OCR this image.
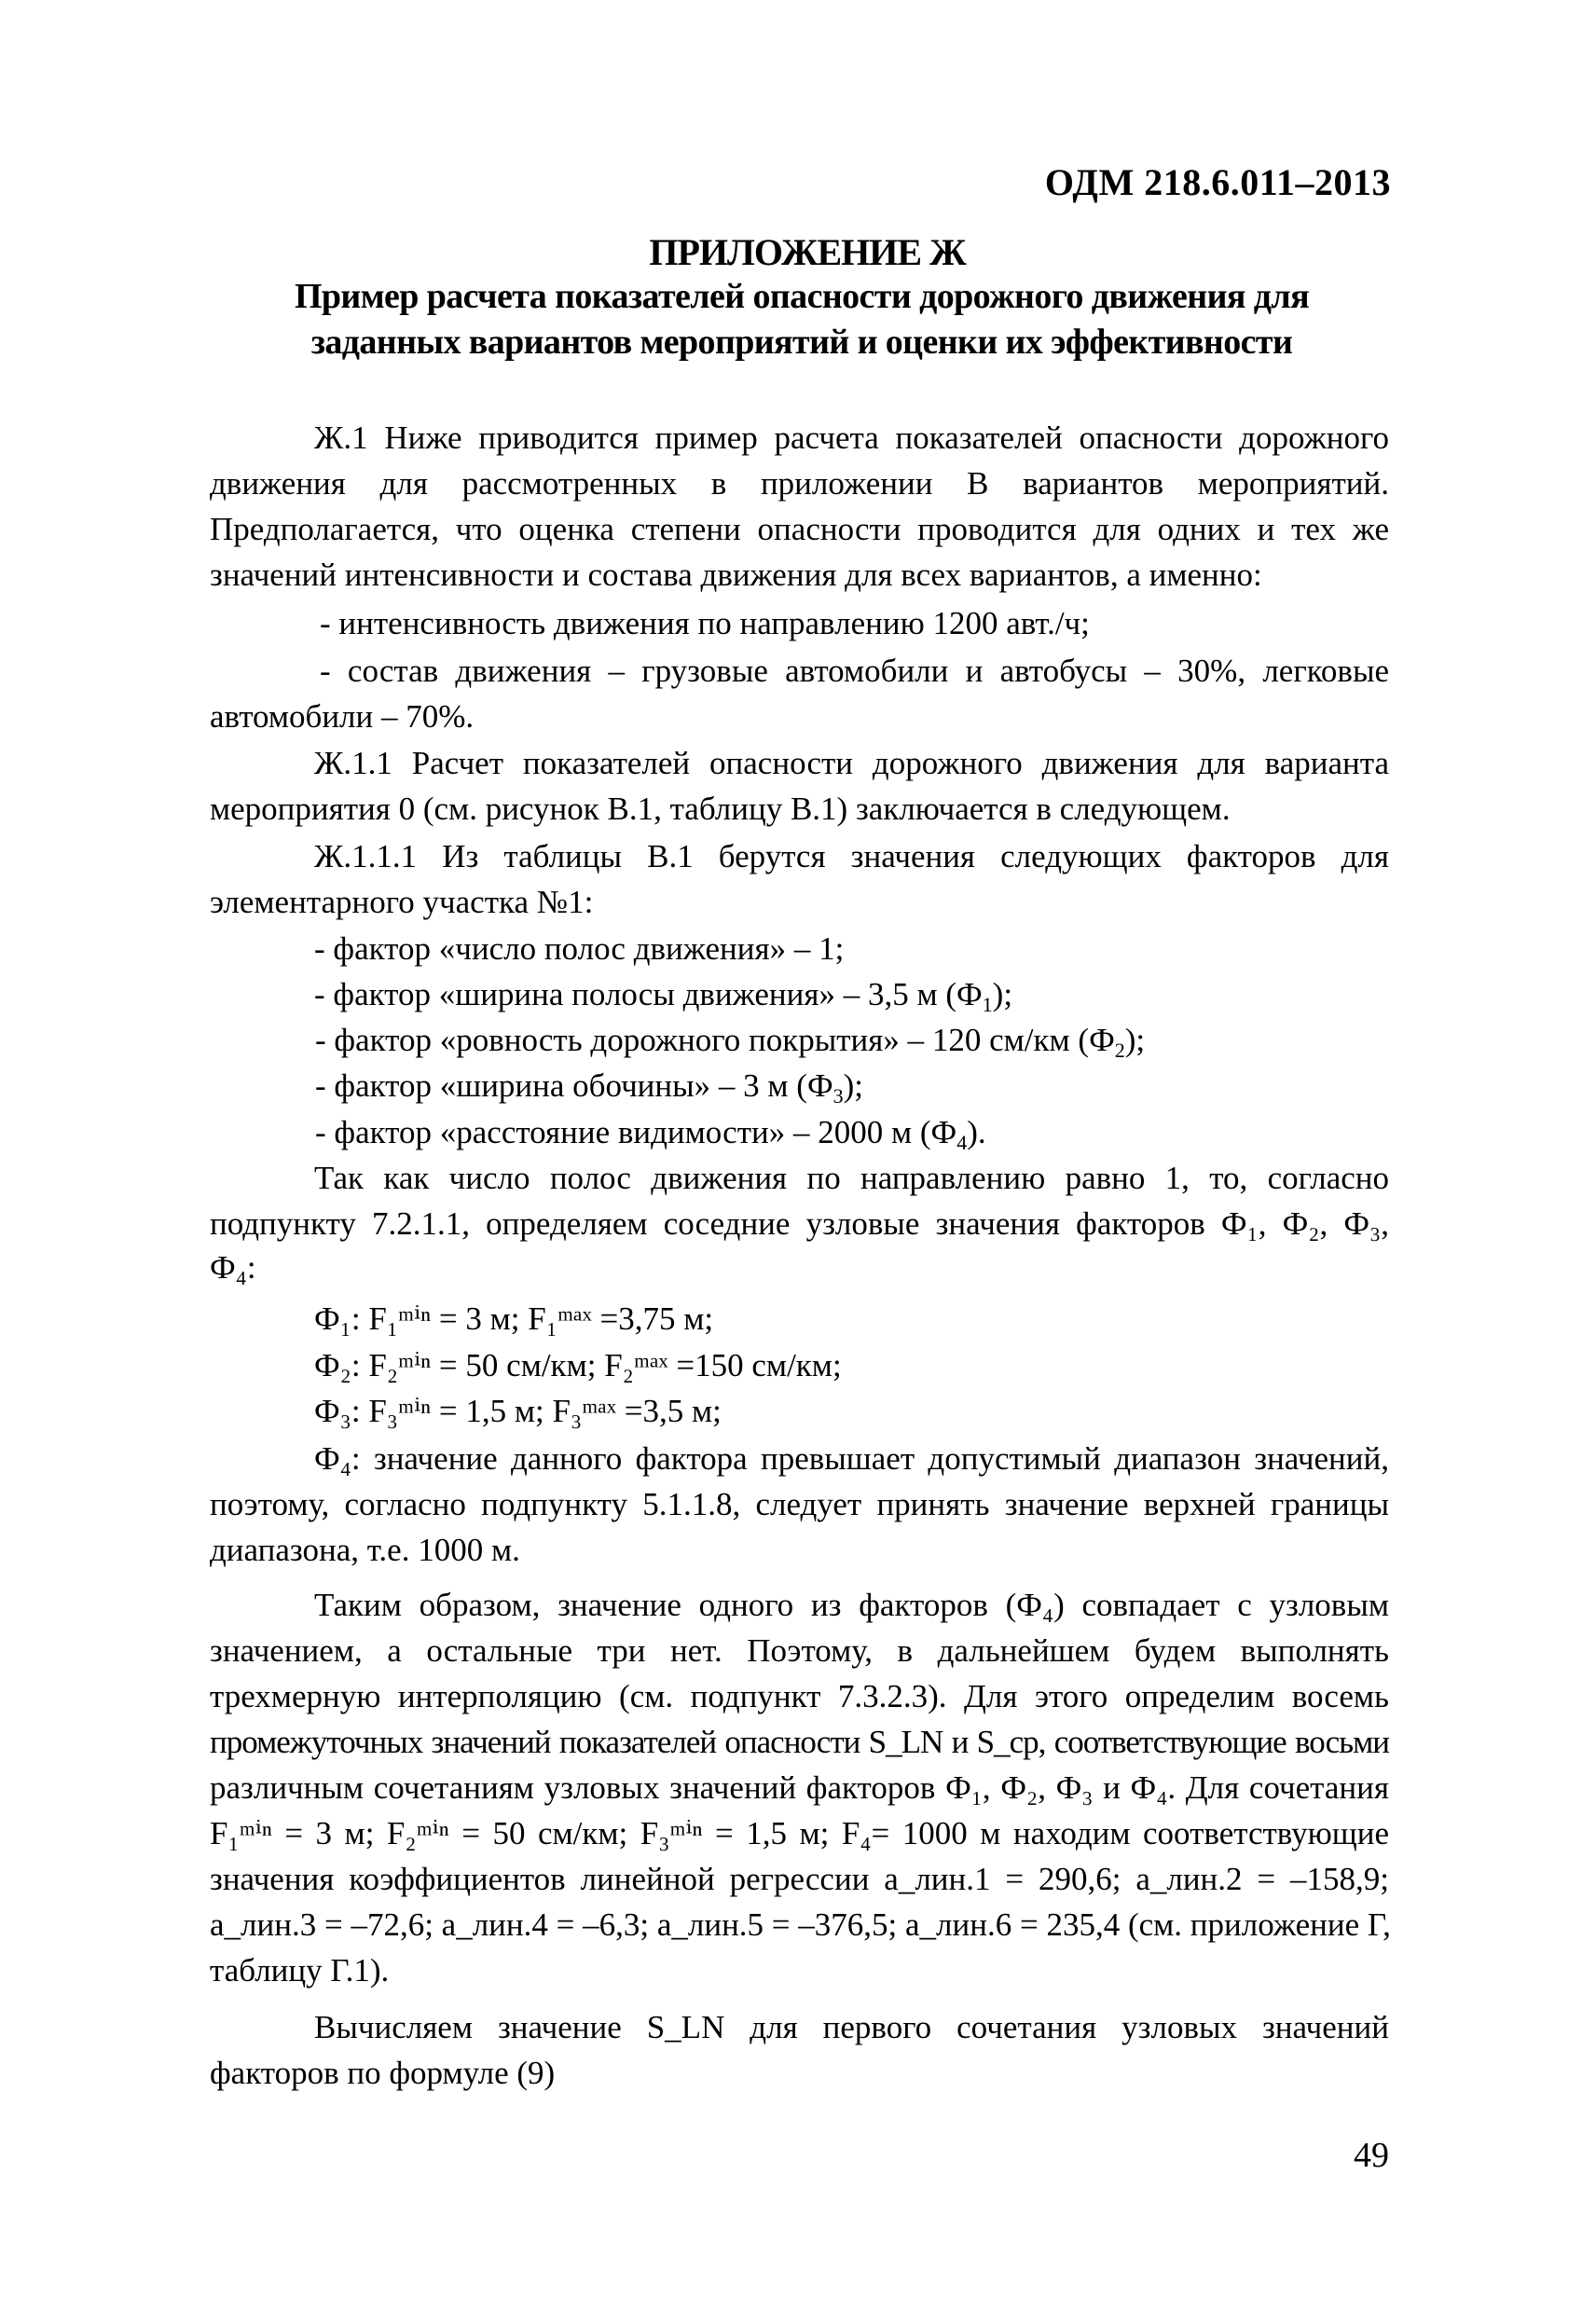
ОДМ 218.6.011–2013
ПРИЛОЖЕНИЕ Ж
Пример расчета показателей опасности дорожного движения для
заданных вариантов мероприятий и оценки их эффективности
Ж.1 Ниже приводится пример расчета показателей опасности дорожного
движения для рассмотренных в приложении В вариантов мероприятий.
Предполагается, что оценка степени опасности проводится для одних и тех же
значений интенсивности и состава движения для всех вариантов, а именно:
- интенсивность движения по направлению 1200 авт./ч;
- состав движения – грузовые автомобили и автобусы – 30%, легковые
автомобили – 70%.
Ж.1.1 Расчет показателей опасности дорожного движения для варианта
мероприятия 0 (см. рисунок В.1, таблицу В.1) заключается в следующем.
Ж.1.1.1 Из таблицы В.1 берутся значения следующих факторов для
элементарного участка №1:
- фактор «число полос движения» – 1;
- фактор «ширина полосы движения» – 3,5 м $(Ф_1)$;
- фактор «ровность дорожного покрытия» – 120 см/км $(Ф_2)$;
- фактор «ширина обочины» – 3 м $(Ф_3)$;
- фактор «расстояние видимости» – 2000 м $(Ф_4)$.
Так как число полос движения по направлению равно 1, то, согласно
подпункту 7.2.1.1, определяем соседние узловые значения факторов Ф₁, Ф₂, Ф₃,
Ф₄:
Ф₁: F₁ᵐⁱⁿ = 3 м; F₁ᵐᵃˣ =3,75 м;
Ф₂: F₂ᵐⁱⁿ = 50 см/км; F₂ᵐᵃˣ =150 см/км;
Ф₃: F₃ᵐⁱⁿ = 1,5 м; F₃ᵐᵃˣ =3,5 м;
Ф₄: значение данного фактора превышает допустимый диапазон значений,
поэтому, согласно подпункту 5.1.1.8, следует принять значение верхней границы
диапазона, т.е. 1000 м.
Таким образом, значение одного из факторов (Ф₄) совпадает с узловым
значением, а остальные три нет. Поэтому, в дальнейшем будем выполнять
трехмерную интерполяцию (см. подпункт 7.3.2.3). Для этого определим восемь
промежуточных значений показателей опасности S_LN и S_ср, соответствующие восьми
различным сочетаниям узловых значений факторов Ф₁, Ф₂, Ф₃ и Ф₄. Для сочетания
F₁ᵐⁱⁿ = 3 м; F₂ᵐⁱⁿ = 50 см/км; F₃ᵐⁱⁿ = 1,5 м; F₄= 1000 м находим соответствующие
значения коэффициентов линейной регрессии a_лин.1 = 290,6; a_лин.2 = –158,9;
a_лин.3 = –72,6; a_лин.4 = –6,3; a_лин.5 = –376,5; a_лин.6 = 235,4 (см. приложение Г,
таблицу Г.1).
Вычисляем значение S_LN для первого сочетания узловых значений
факторов по формуле (9)
49
